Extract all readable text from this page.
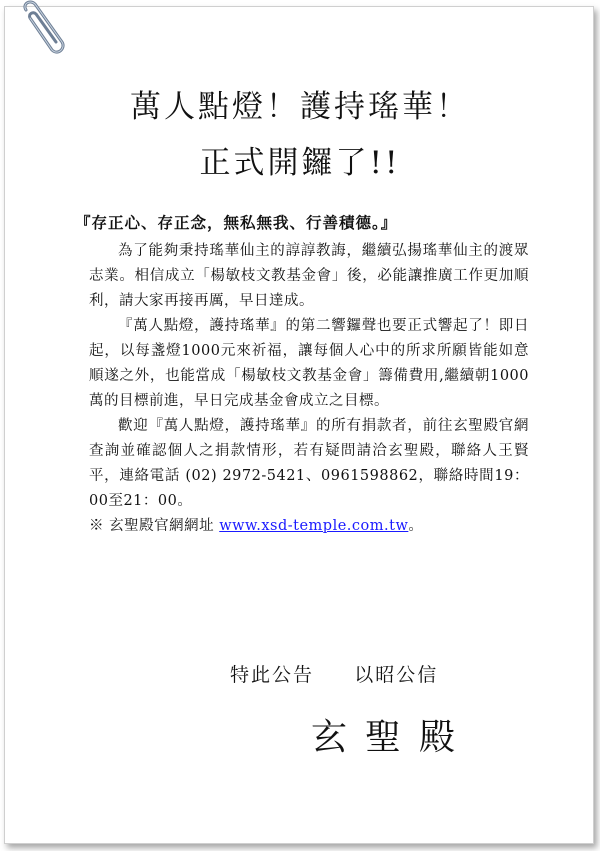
萬人點燈！護持瑤華！
正式開鑼了!!
『存正心、存正念，無私無我、行善積德。』

為了能夠秉持瑤華仙主的諄諄教誨，繼續弘揚瑤華仙主的渡眾志業。相信成立「楊敏枝文教基金會」後，必能讓推廣工作更加順利，請大家再接再厲，早日達成。

『萬人點燈，護持瑤華』的第二響鑼聲也要正式響起了！即日起，以每盞燈1000元來祈福，讓每個人心中的所求所願皆能如意順遂之外，也能當成「楊敏枝文教基金會」籌備費用,繼續朝1000萬的目標前進，早日完成基金會成立之目標。

歡迎『萬人點燈，護持瑤華』的所有捐款者，前往玄聖殿官網查詢並確認個人之捐款情形，若有疑問請洽玄聖殿，聯絡人王賢平，連絡電話 (02) 2972-5421、0961598862，聯絡時間19：00至21：00。

※ 玄聖殿官網網址 www.xsd-temple.com.tw。

特此公告     以昭公信
玄聖殿
